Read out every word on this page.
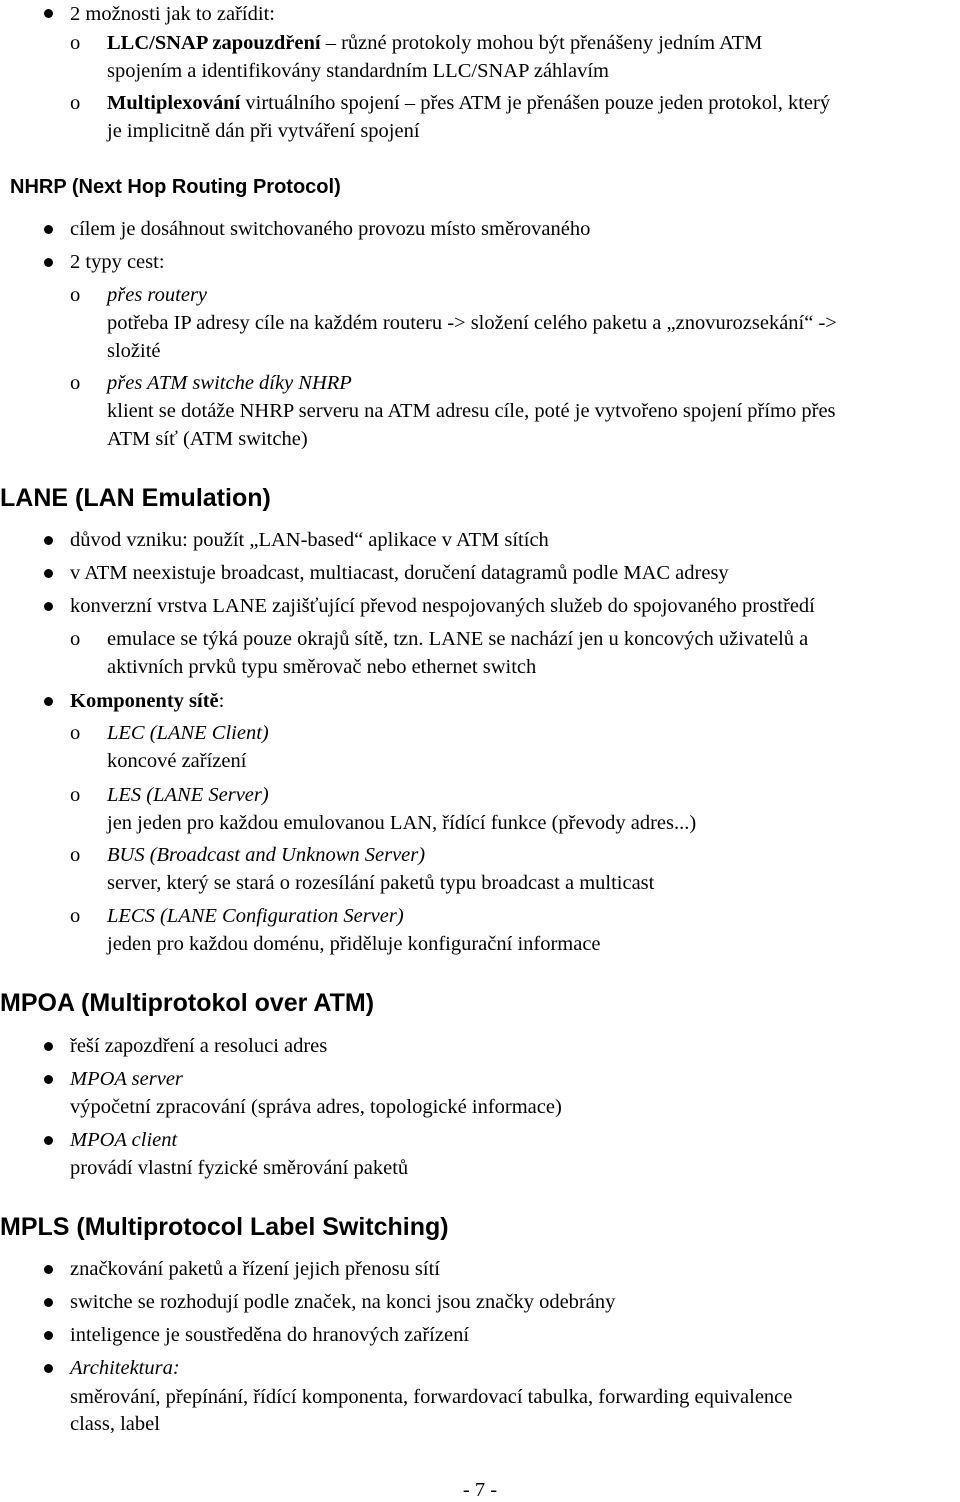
2 možnosti jak to zařídit:
o LLC/SNAP zapouzdření – různé protokoly mohou být přenášeny jedním ATM
spojením a identifikovány standardním LLC/SNAP záhlavím
o Multiplexování virtuálního spojení – přes ATM je přenášen pouze jeden protokol, který
je implicitně dán při vytváření spojení
NHRP (Next Hop Routing Protocol)
cílem je dosáhnout switchovaného provozu místo směrovaného
2 typy cest:
o přes routery
potřeba IP adresy cíle na každém routeru -> složení celého paketu a „znovurozsekání“ ->
složité
o přes ATM switche díky NHRP
klient se dotáže NHRP serveru na ATM adresu cíle, poté je vytvořeno spojení přímo přes
ATM síť (ATM switche)
LANE (LAN Emulation)
důvod vzniku: použít „LAN-based“ aplikace v ATM sítích
v ATM neexistuje broadcast, multiacast, doručení datagramů podle MAC adresy
konverzní vrstva LANE zajišťující převod nespojovaných služeb do spojovaného prostředí
o emulace se týká pouze okrajů sítě, tzn. LANE se nachází jen u koncových uživatelů a
aktivních prvků typu směrovač nebo ethernet switch
Komponenty sítě:
o LEC (LANE Client)
koncové zařízení
o LES (LANE Server)
jen jeden pro každou emulovanou LAN, řídící funkce (převody adres...)
o BUS (Broadcast and Unknown Server)
server, který se stará o rozesílání paketů typu broadcast a multicast
o LECS (LANE Configuration Server)
jeden pro každou doménu, přiděluje konfigurační informace
MPOA (Multiprotokol over ATM)
řeší zapozdření a resoluci adres
MPOA server
výpočetní zpracování (správa adres, topologické informace)
MPOA client
provádí vlastní fyzické směrování paketů
MPLS (Multiprotocol Label Switching)
značkování paketů a řízení jejich přenosu sítí
switche se rozhodují podle značek, na konci jsou značky odebrány
inteligence je soustředěna do hranových zařízení
Architektura:
směrování, přepínání, řídící komponenta, forwardovací tabulka, forwarding equivalence
class, label
- 7 -
